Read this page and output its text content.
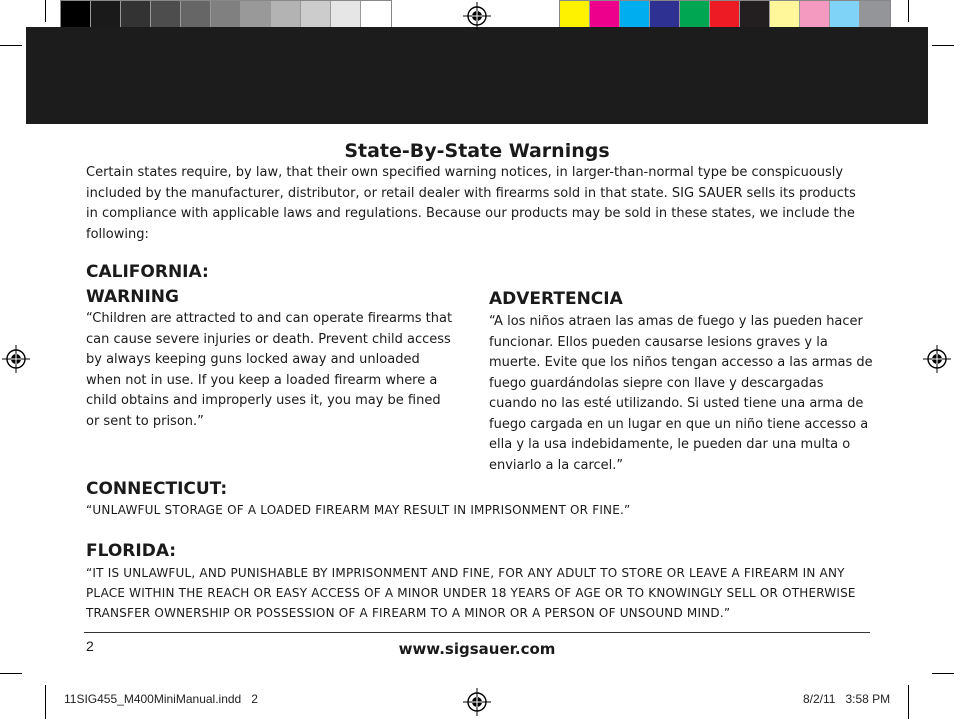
State-By-State Warnings
Certain states require, by law, that their own specified warning notices, in larger-than-normal type be conspicuously included by the manufacturer, distributor, or retail dealer with firearms sold in that state. SIG SAUER sells its products in compliance with applicable laws and regulations. Because our products may be sold in these states, we include the following:
CALIFORNIA:
WARNING
“Children are attracted to and can operate firearms that can cause severe injuries or death. Prevent child access by always keeping guns locked away and unloaded when not in use. If you keep a loaded firearm where a child obtains and improperly uses it, you may be fined or sent to prison.”
ADVERTENCIA
“A los niños atraen las amas de fuego y las pueden hacer funcionar. Ellos pueden causarse lesions graves y la muerte. Evite que los niños tengan accesso a las armas de fuego guardándolas siepre con llave y descargadas cuando no las esté utilizando. Si usted tiene una arma de fuego cargada en un lugar en que un niño tiene accesso a ella y la usa indebidamente, le pueden dar una multa o enviarlo a la carcel.”
CONNECTICUT:
“UNLAWFUL STORAGE OF A LOADED FIREARM MAY RESULT IN IMPRISONMENT OR FINE.”
FLORIDA:
“IT IS UNLAWFUL, AND PUNISHABLE BY IMPRISONMENT AND FINE, FOR ANY ADULT TO STORE OR LEAVE A FIREARM IN ANY PLACE WITHIN THE REACH OR EASY ACCESS OF A MINOR UNDER 18 YEARS OF AGE OR TO KNOWINGLY SELL OR OTHERWISE TRANSFER OWNERSHIP OR POSSESSION OF A FIREARM TO A MINOR OR A PERSON OF UNSOUND MIND.”
2	www.sigsauer.com
11SIG455_M400MiniManual.indd   2	8/2/11   3:58 PM
